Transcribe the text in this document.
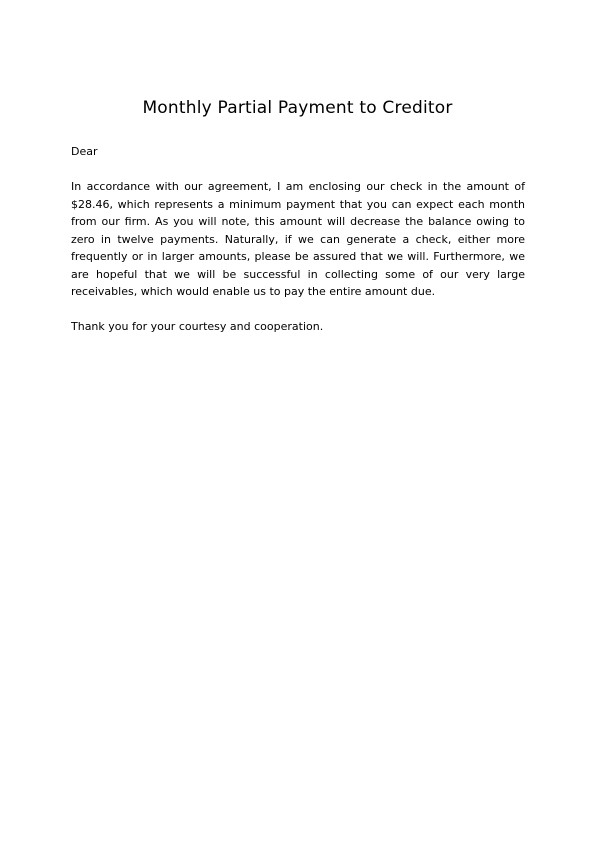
Monthly Partial Payment to Creditor

Dear

In accordance with our agreement, I am enclosing our check in the amount of $28.46, which represents a minimum payment that you can expect each month from our firm. As you will note, this amount will decrease the balance owing to zero in twelve payments. Naturally, if we can generate a check, either more frequently or in larger amounts, please be assured that we will. Furthermore, we are hopeful that we will be successful in collecting some of our very large receivables, which would enable us to pay the entire amount due.

Thank you for your courtesy and cooperation.
